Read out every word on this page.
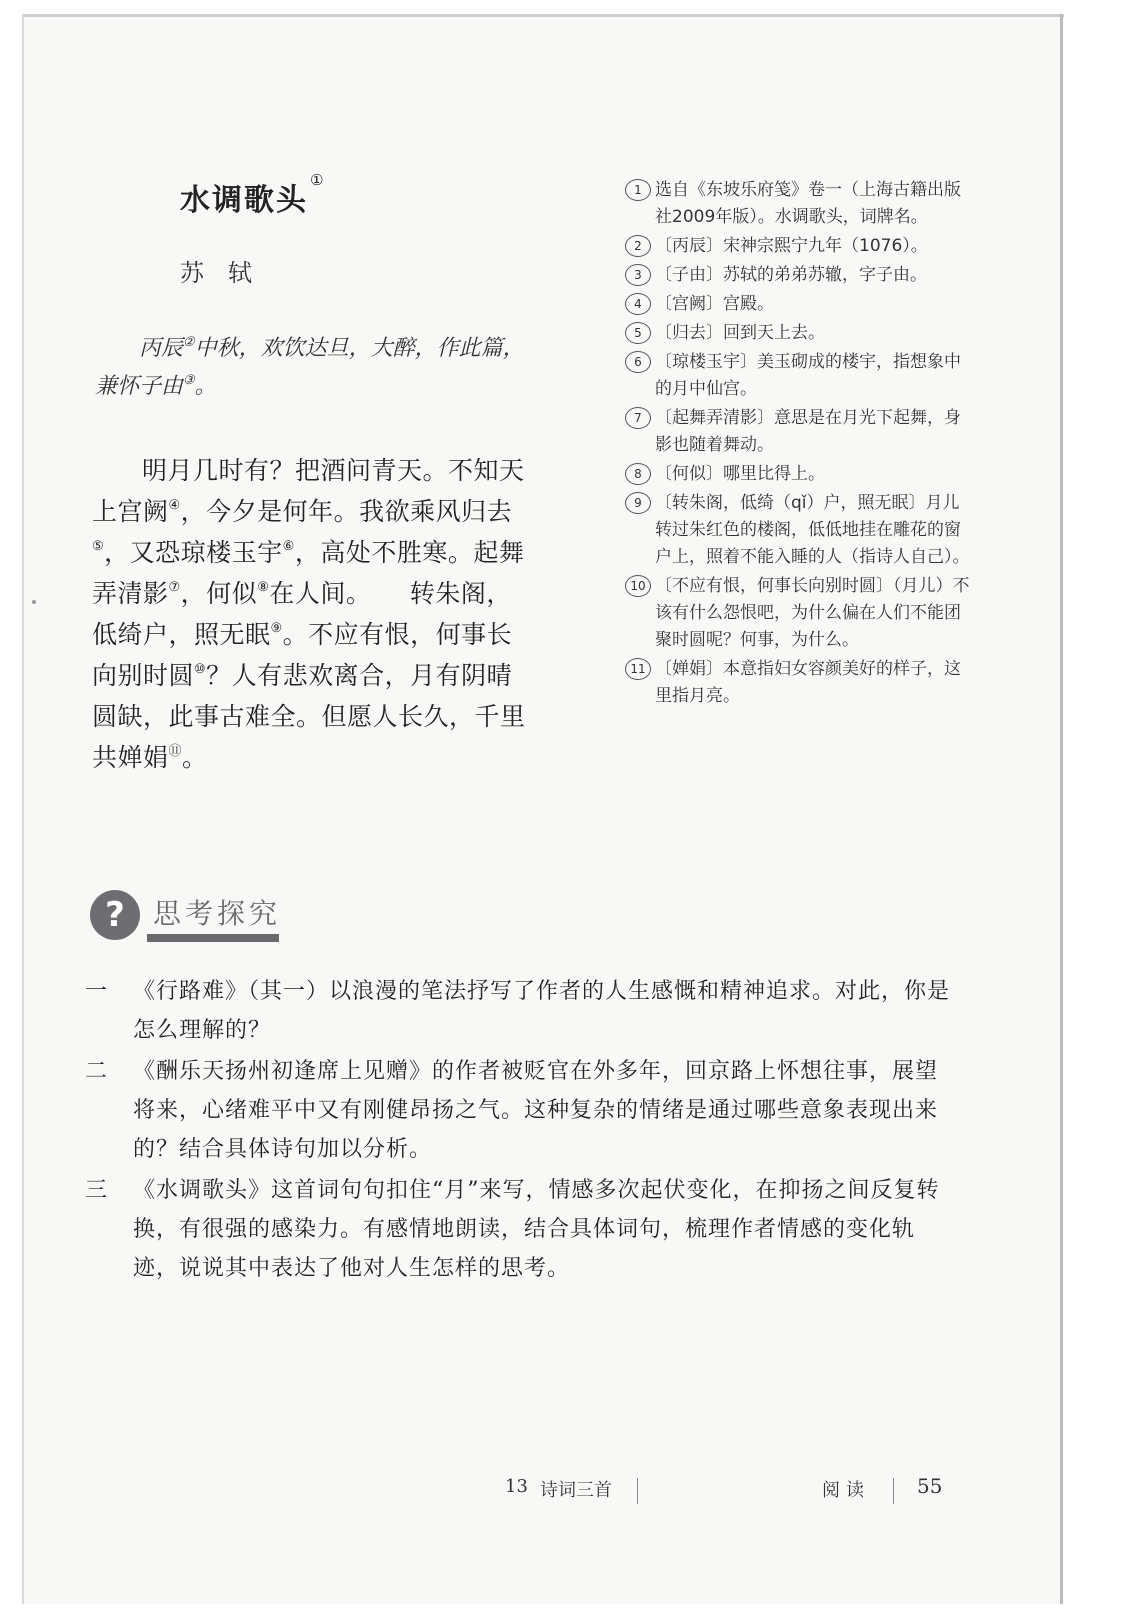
水调歌头①
苏轼
丙辰②中秋，欢饮达旦，大醉，作此篇，兼怀子由③。
明月几时有？把酒问青天。不知天上宫阙④，今夕是何年。我欲乘风归去⑤，又恐琼楼玉宇⑥，高处不胜寒。起舞弄清影⑦，何似⑧在人间。　　转朱阁，低绮户，照无眠⑨。不应有恨，何事长向别时圆⑩？人有悲欢离合，月有阴晴圆缺，此事古难全。但愿人长久，千里共婵娟⑪。
1 选自《东坡乐府笺》卷一（上海古籍出版社2009年版）。水调歌头，词牌名。
2 〔丙辰〕宋神宗熙宁九年（1076）。
3 〔子由〕苏轼的弟弟苏辙，字子由。
4 〔宫阙〕宫殿。
5 〔归去〕回到天上去。
6 〔琼楼玉宇〕美玉砌成的楼宇，指想象中的月中仙宫。
7 〔起舞弄清影〕意思是在月光下起舞，身影也随着舞动。
8 〔何似〕哪里比得上。
9 〔转朱阁，低绮（qǐ）户，照无眠〕月儿转过朱红色的楼阁，低低地挂在雕花的窗户上，照着不能入睡的人（指诗人自己）。
10 〔不应有恨，何事长向别时圆〕（月儿）不该有什么怨恨吧，为什么偏在人们不能团聚时圆呢？何事，为什么。
11 〔婵娟〕本意指妇女容颜美好的样子，这里指月亮。
?	思考探究
一	《行路难》（其一）以浪漫的笔法抒写了作者的人生感慨和精神追求。对此，你是怎么理解的？
二	《酬乐天扬州初逢席上见赠》的作者被贬官在外多年，回京路上怀想往事，展望将来，心绪难平中又有刚健昂扬之气。这种复杂的情绪是通过哪些意象表现出来的？结合具体诗句加以分析。
三	《水调歌头》这首词句句扣住“月”来写，情感多次起伏变化，在抑扬之间反复转换，有很强的感染力。有感情地朗读，结合具体词句，梳理作者情感的变化轨迹，说说其中表达了他对人生怎样的思考。
13 诗词三首	阅读 55
